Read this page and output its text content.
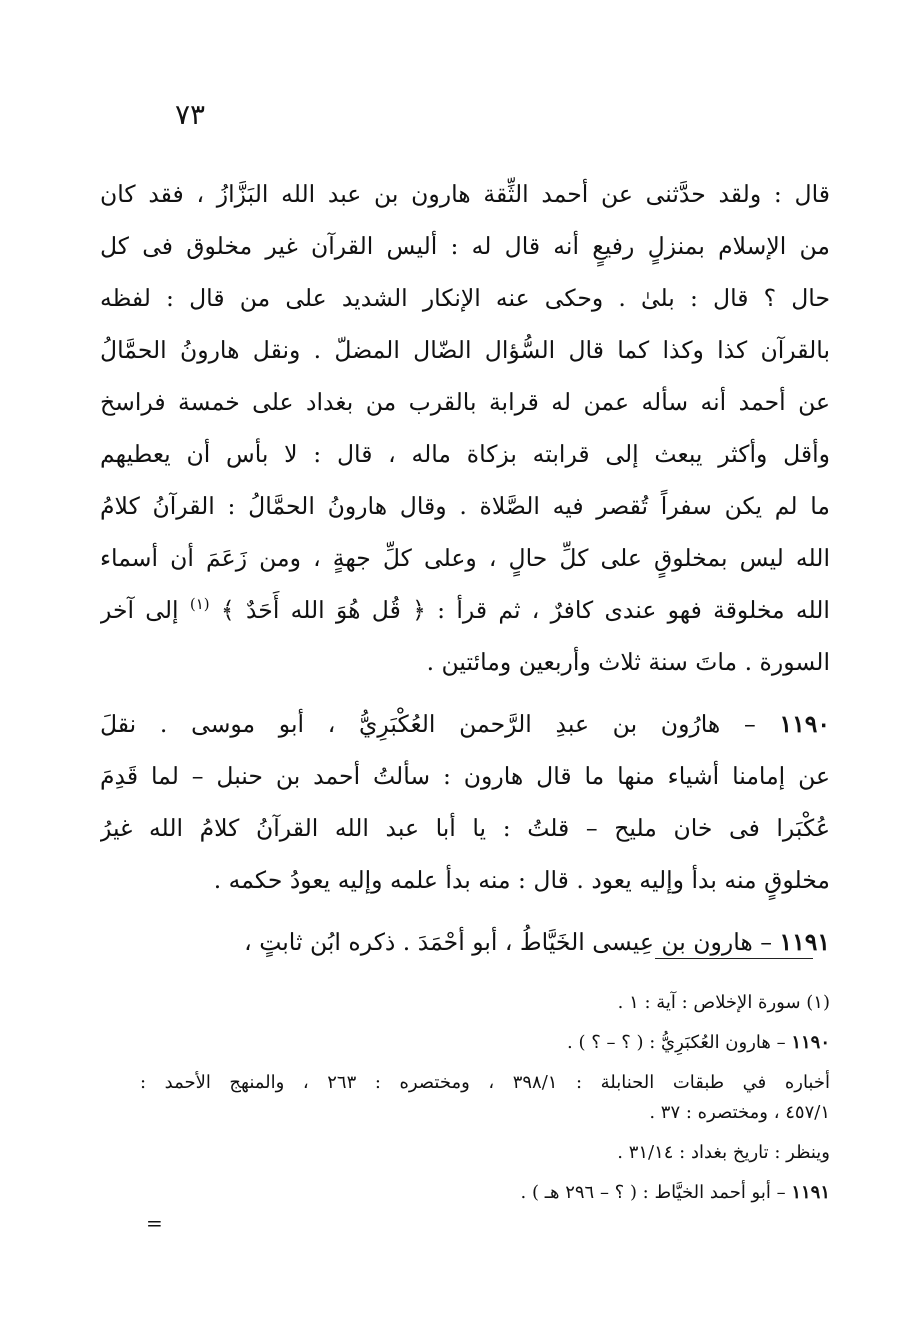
٧٣
قال : ولقد حدَّثنى عن أحمد الثِّقة هارون بن عبد الله البَزَّازُ ، فقد كان
من الإسلام بمنزلٍ رفيعٍ أنه قال له : أليس القرآن غير مخلوق فى كل
حال ؟ قال : بلىٰ . وحكى عنه الإنكار الشديد على من قال : لفظه
بالقرآن كذا وكذا كما قال السُّؤال الضّال المضلّ . ونقل هارونُ الحمَّالُ
عن أحمد أنه سأله عمن له قرابة بالقرب من بغداد على خمسة فراسخ
وأقل وأكثر يبعث إلى قرابته بزكاة ماله ، قال : لا بأس أن يعطيهم
ما لم يكن سفراً تُقصر فيه الصَّلاة . وقال هارونُ الحمَّالُ : القرآنُ كلامُ
الله ليس بمخلوقٍ على كلِّ حالٍ ، وعلى كلِّ جهةٍ ، ومن زَعَمَ أن أسماء
الله مخلوقة فهو عندى كافرٌ ، ثم قرأ : ﴿ قُل هُوَ الله أَحَدٌ ﴾ $^{(١)}$ إلى آخر
السورة . ماتَ سنة ثلاث وأربعين ومائتين .
١١٩٠ – هارُون بن عبدِ الرَّحمن العُكْبَرِيُّ ، أبو موسى . نقلَ
عن إمامنا أشياء منها ما قال هارون : سألتُ أحمد بن حنبل – لما قَدِمَ
عُكْبَرا فى خان مليح – قلتُ : يا أبا عبد الله القرآنُ كلامُ الله غيرُ
مخلوقٍ منه بدأ وإليه يعود . قال : منه بدأ علمه وإليه يعودُ حكمه .
١١٩١ – هارون بن عِيسى الخَيَّاطُ ، أبو أحْمَدَ . ذكره ابُن ثابتٍ ،
(١) سورة الإخلاص : آية : ١ .
١١٩٠ – هارون العُكبَرِيُّ : ( ؟ – ؟ ) .
أخباره في طبقات الحنابلة : ٣٩٨/١ ، ومختصره : ٢٦٣ ، والمنهج الأحمد :
٤٥٧/١ ، ومختصره : ٣٧ .
وينظر : تاريخ بغداد : ٣١/١٤ .
١١٩١ – أبو أحمد الخيَّاط : ( ؟ – ٢٩٦ هـ ) .
=
